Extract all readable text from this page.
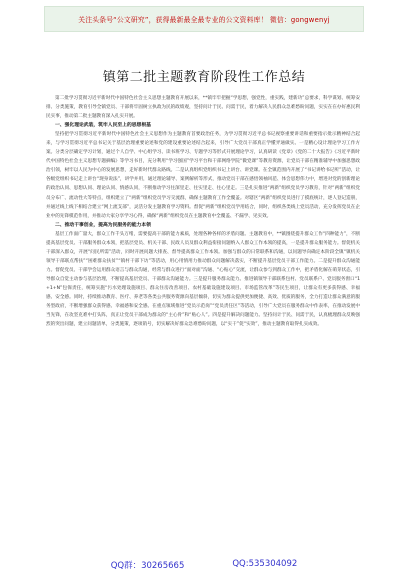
关注头条号“公文研究”，获得最新最全最专业的公文资料库！ 微信：gongwenyj
镇第二批主题教育阶段性工作总结

第二批学习贯彻习近平新时代中国特色社会主义思想主题教育开展以来，**镇牢牢把握“学思想，强党性，重实践，建新功”总要求，科学谋划、统筹安排、分类施策，教育引导全镇党员、干部将牢固树立执政为民的政绩观，坚持问计于民、问需于民，着力解决人民群众急难愁盼问题，实实在在办好惠民利民实事，推动第二批主题教育深入扎实开展。

一、强化理论武装，筑牢人民至上的思想根基

坚持把学习贯彻习近平新时代中国特色社会主义思想作为主题教育首要政治任务，为学习贯彻习近平总书记视察重要讲话和重要指示批示精神结合起来，与学习贯彻习近平总书记关于基层治理重要论述和党的建设重要论述结合起来，引导广大党员干部真正学懂弄通做实。一是精心设计理论学习工作方案。分类分层确定学习计划，通过个人自学、中心组学习、读书班学习、专题学习等形式开展理论学习，认真研读《党章》《党的二十大报告》《习近平新时代中国特色社会主义思想专题摘编》等学习书目，充分利用“学习强国”学习平台和干部网络学院“微党课”等教育资源，让党员干部在精准辅导中加强思想政治引领，树牢以人民为中心的发展思想，走好新时代群众路线。二是认真组织党组织书记上讲台、讲党课。在全镇范围内开展了“书记讲给书记听”活动，让各级党组织书记走上讲台“现身说法”，讲学并用，通过理论辅导、案例解析等形式，推动党员干部在感悟领袖风范、体会思想伟力中，增进对党的创新理论的政治认同、思想认同、理论认同、情感认同，不断推动学习往深里走、往实里走、往心里走。三是扎实推进“两新”组织党员学习教育，针对“两新”组织党员分布广、流动性大等特点，组织建立了“两新”组织党员学习交流群，确保主题教育工作全覆盖。对辖区“两新”组织党员进行了摸底统计，逐人登记造册，并通过线上线下相结合建立“网上流支部”，灵活分发主题教育学习资料。督促“两新”组织党员学用结合，同时，组织各类线上党员活动，充分发挥党员在企业中的先锋模范作用，并推动大家分享学习心得，确保“两新”组织党员在主题教育中全覆盖、不漏学、见实效。

二、推动干事创业，提高为民服务的能力本领

基层工作面广量大，群众工作千头万绪，需要提高干部的能力素质，处理各种各样的矛盾问题。主题教育中，**镇围绕提升群众工作“四种能力”，不断提高基层党员、干部服务群众本领，把基层党员、机关干部、民政人员及群众利益衔接问题纳入人群众工作本领的提高，一是提升群众服务能力。督促机关干部深入群众，开展“问民所需”活动，同时开展问题大排查、督导提高群众工作本领。加强与群众的日常联系和沟通，以问题导向确定本阶段全镇“镇机关领导干部联点帮扶”“困难群众扶贫”“镇村干部下访”等活动，用心用情用力推动群众问题解决落实，不断提升基层党员干部工作能力。二是提升群众沟通能力。督促党员、干部学会运用群众语言与群众沟通，经常与群众进行“面对面”沟通、“心贴心”交流，让群众参与到群众工作中，把矛盾化解在萌芽状态，引导群众自觉主动参与基层治理，不断提高基层党员、干部群众沟通能力。三是提升服务群众能力。推进镇领导干部联系包村、党员联系户、党员服务窗口“1+1+N”包保责任，统筹实施“污水处理设施项目、群众住房改善项目、农村基础设施建设项目、市场监管改革”等民生项目，让群众有更多获得感、幸福感、安全感。同时，持续推动教育、医疗、养老等各类公共服务资源向基层倾斜，切实为群众提供更加便捷、高效、优质的服务，全力打造让群众满意的服务型政府，不断增强群众获得感、幸福感和安全感。在重点领域推进“党员示范岗”“党员责任区”等活动，引导广大党员在服务群众中作表率，在推动发展中当先锋，在攻坚克难中打头阵，真正让党员干部成为群众的“主心骨”和“贴心人”。四是提升解决问题能力。坚持问计于民、问需于民，认真梳理群众反映强烈的突出问题，建立问题清单，分类施策，逐项销号，切实解决好群众急难愁盼问题，以“实干”促“实效”，推动主题教育取得扎实成效。

QQ群：30265665	QQ:535304092
